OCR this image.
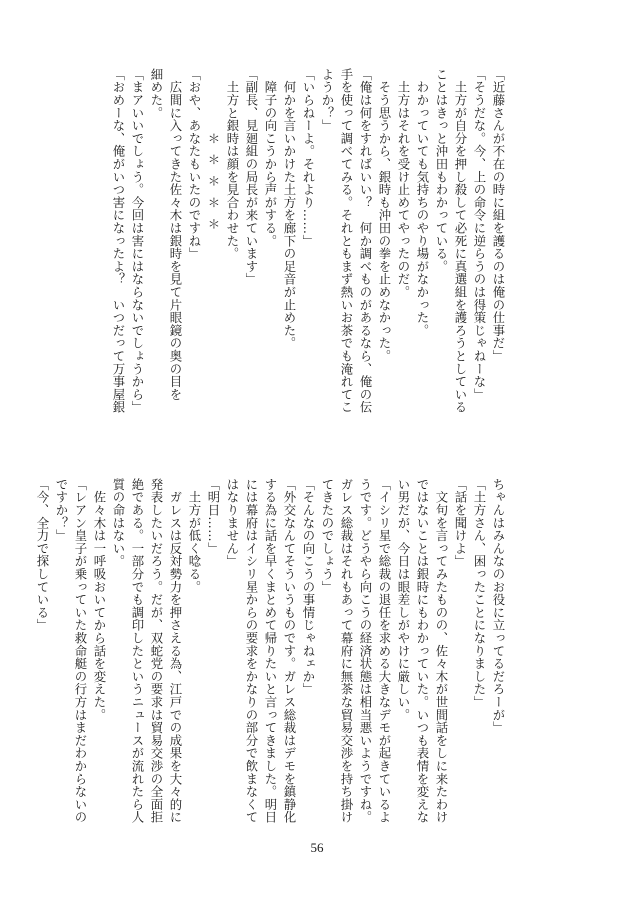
「近藤さんが不在の時に組を護るのは俺の仕事だ」
「そうだな。今、上の命令に逆らうのは得策じゃねーな」
　土方が自分を押し殺して必死に真選組を護ろうとしている
ことはきっと沖田もわかっている。
　わかっていても気持ちのやり場がなかった。
　土方はそれを受け止めてやったのだ。
　そう思うから、銀時も沖田の拳を止めなかった。
「俺は何をすればいい？　何か調べものがあるなら、俺の伝
手を使って調べてみる。それともまず熱いお茶でも淹れてこ
ようか？」
「いらねーよ。それより……」
　何かを言いかけた土方を廊下の足音が止めた。
　障子の向こうから声がする。
「副長、見廻組の局長が来ています」
　土方と銀時は顔を見合わせた。
＊＊＊＊＊
「おや、あなたもいたのですね」
　広間に入ってきた佐々木は銀時を見て片眼鏡の奥の目を
細めた。
「まアいいでしょう。今回は害にはならないでしょうから」
「おめーな、俺がいつ害になったよ？　いつだって万事屋銀
ちゃんはみんなのお役に立ってるだろーが」
「土方さん、困ったことになりました」
「話を聞けよ」
　文句を言ってみたものの、佐々木が世間話をしに来たわけ
ではないことは銀時にもわかっていた。いつも表情を変えな
い男だが、今日は眼差しがやけに厳しい。
「イシリ星で総裁の退任を求める大きなデモが起きているよ
うです。どうやら向こうの経済状態は相当悪いようですね。
ガレス総裁はそれもあって幕府に無茶な貿易交渉を持ち掛け
てきたのでしょう」
「そんなの向こうの事情じゃねェか」
「外交なんてそういうものです。ガレス総裁はデモを鎮静化
する為に話を早くまとめて帰りたいと言ってきました。明日
には幕府はイシリ星からの要求をかなりの部分で飲まなくて
はなりません」
「明日……」
　土方が低く唸る。
　ガレスは反対勢力を押さえる為、江戸での成果を大々的に
発表したいだろう。だが、双蛇党の要求は貿易交渉の全面拒
絶である。一部分でも調印したというニュースが流れたら人
質の命はない。
　佐々木は一呼吸おいてから話を変えた。
「レアン皇子が乗っていた救命艇の行方はまだわからないの
ですか？」
「今、全力で探している」
56
